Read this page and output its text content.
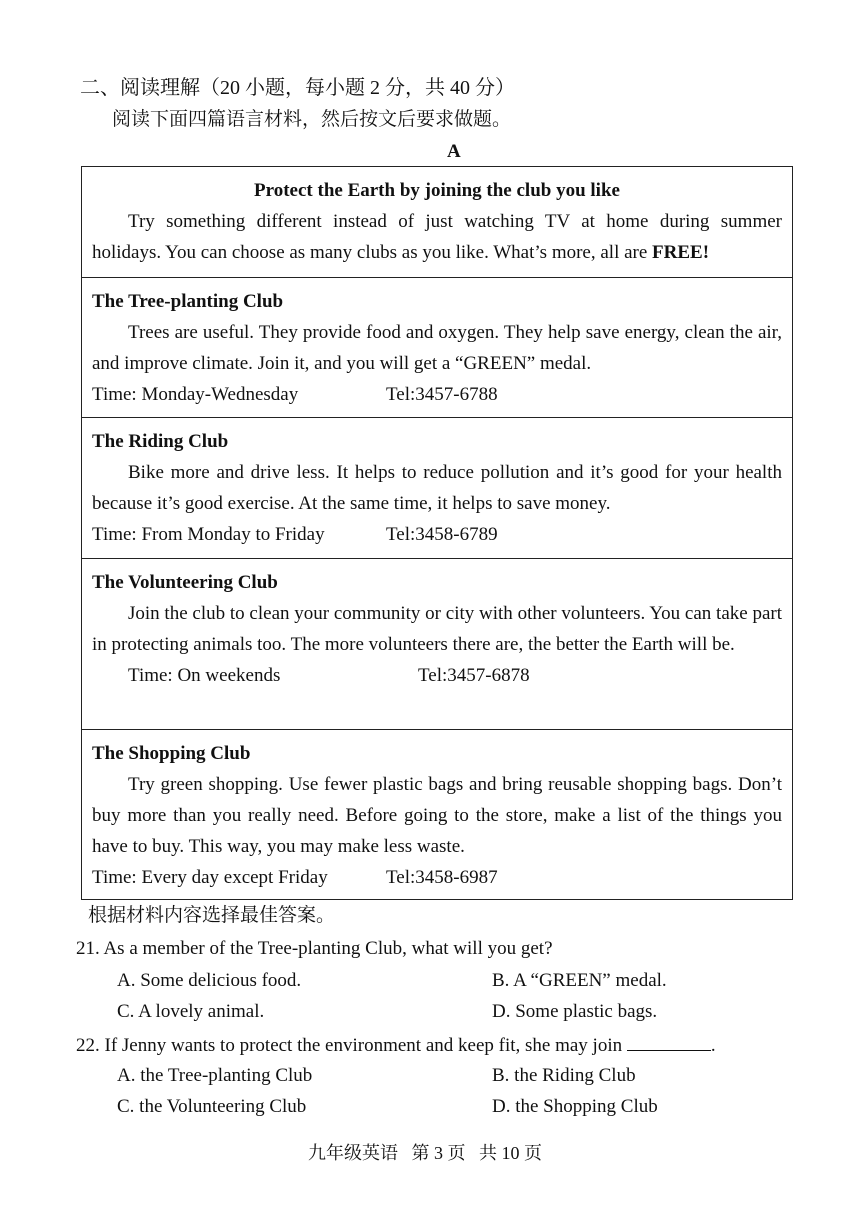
二、阅读理解（20 小题，每小题 2 分，共 40 分）
阅读下面四篇语言材料，然后按文后要求做题。
A

Protect the Earth by joining the club you like

Try something different instead of just watching TV at home during summer holidays. You can choose as many clubs as you like. What’s more, all are FREE!

The Tree-planting Club

Trees are useful. They provide food and oxygen. They help save energy, clean the air, and improve climate. Join it, and you will get a “GREEN” medal.

Time: Monday-Wednesday	Tel:3457-6788

The Riding Club

Bike more and drive less. It helps to reduce pollution and it’s good for your health because it’s good exercise. At the same time, it helps to save money.

Time: From Monday to Friday	Tel:3458-6789

The Volunteering Club

Join the club to clean your community or city with other volunteers. You can take part in protecting animals too. The more volunteers there are, the better the Earth will be.

Time: On weekends	Tel:3457-6878

The Shopping Club

Try green shopping. Use fewer plastic bags and bring reusable shopping bags. Don’t buy more than you really need. Before going to the store, make a list of the things you have to buy. This way, you may make less waste.

Time: Every day except Friday	Tel:3458-6987
根据材料内容选择最佳答案。
21. As a member of the Tree-planting Club, what will you get?
A. Some delicious food.	B. A “GREEN” medal.
C. A lovely animal.	D. Some plastic bags.
22. If Jenny wants to protect the environment and keep fit, she may join	.
A. the Tree-planting Club	B. the Riding Club
C. the Volunteering Club	D. the Shopping Club
九年级英语   第 3 页   共 10 页
